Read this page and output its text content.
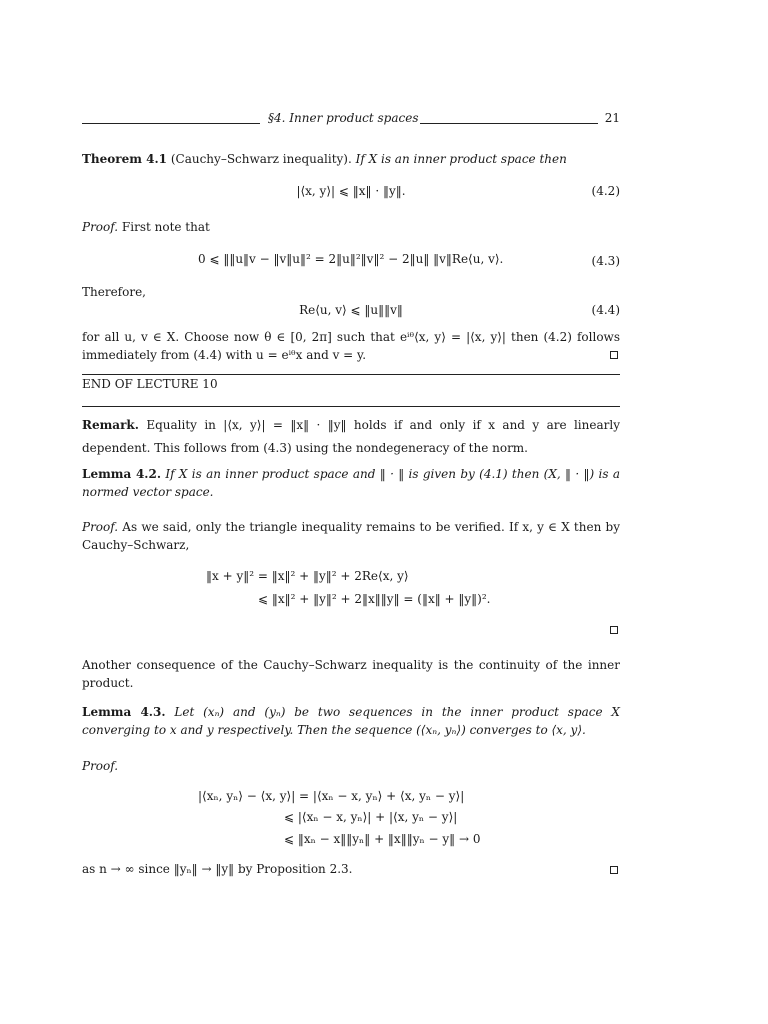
§4. Inner product spaces	21
Theorem 4.1 (Cauchy–Schwarz inequality). If X is an inner product space then
|⟨x, y⟩| ⩽ ‖x‖ · ‖y‖.	(4.2)
Proof. First note that
0 ⩽ ‖‖u‖v − ‖v‖u‖² = 2‖u‖²‖v‖² − 2‖u‖ ‖v‖Re⟨u, v⟩.	(4.3)
Therefore,
Re⟨u, v⟩ ⩽ ‖u‖‖v‖	(4.4)
for all u, v ∈ X. Choose now θ ∈ [0, 2π] such that eⁱᶿ⟨x, y⟩ = |⟨x, y⟩| then (4.2) follows immediately from (4.4) with u = eⁱᶿx and v = y.
END OF LECTURE 10
Remark. Equality in |⟨x, y⟩| = ‖x‖ · ‖y‖ holds if and only if x and y are linearly dependent. This follows from (4.3) using the nondegeneracy of the norm.
Lemma 4.2. If X is an inner product space and ‖ · ‖ is given by (4.1) then (X, ‖ · ‖) is a normed vector space.
Proof. As we said, only the triangle inequality remains to be verified. If x, y ∈ X then by Cauchy–Schwarz,
‖x + y‖² = ‖x‖² + ‖y‖² + 2Re⟨x, y⟩
⩽ ‖x‖² + ‖y‖² + 2‖x‖‖y‖ = (‖x‖ + ‖y‖)².
Another consequence of the Cauchy–Schwarz inequality is the continuity of the inner product.
Lemma 4.3. Let (xₙ) and (yₙ) be two sequences in the inner product space X converging to x and y respectively. Then the sequence (⟨xₙ, yₙ⟩) converges to ⟨x, y⟩.
Proof.
|⟨xₙ, yₙ⟩ − ⟨x, y⟩| = |⟨xₙ − x, yₙ⟩ + ⟨x, yₙ − y⟩|
⩽ |⟨xₙ − x, yₙ⟩| + |⟨x, yₙ − y⟩|
⩽ ‖xₙ − x‖‖yₙ‖ + ‖x‖‖yₙ − y‖ → 0
as n → ∞ since ‖yₙ‖ → ‖y‖ by Proposition 2.3.
